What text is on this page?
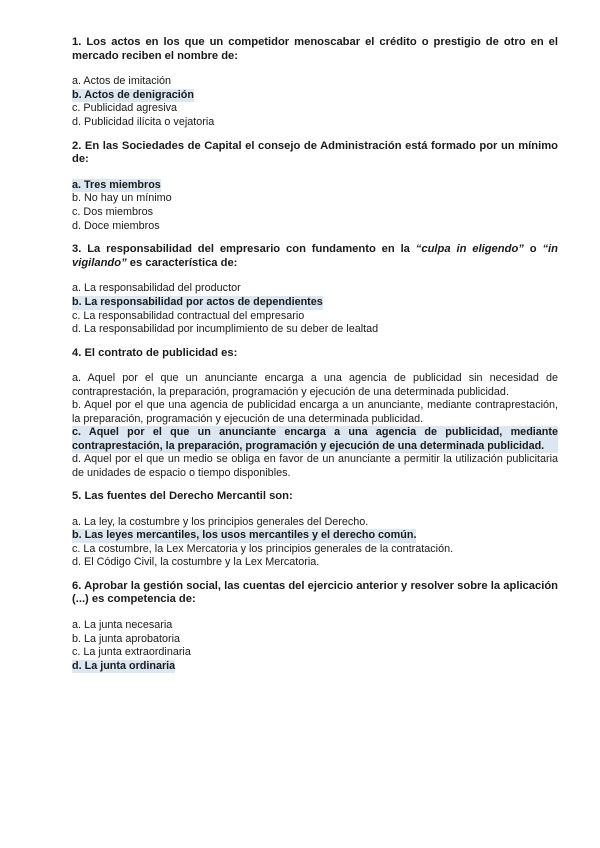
1. Los actos en los que un competidor menoscabar el crédito o prestigio de otro en el mercado reciben el nombre de:

a. Actos de imitación

b. Actos de denigración

c. Publicidad agresiva

d. Publicidad ilícita o vejatoria

2. En las Sociedades de Capital el consejo de Administración está formado por un mínimo de:

a. Tres miembros

b. No hay un mínimo

c. Dos miembros

d. Doce miembros

3. La responsabilidad del empresario con fundamento en la “culpa in eligendo” o “in vigilando” es característica de:

a. La responsabilidad del productor

b. La responsabilidad por actos de dependientes

c. La responsabilidad contractual del empresario

d. La responsabilidad por incumplimiento de su deber de lealtad

4. El contrato de publicidad es:

a. Aquel por el que un anunciante encarga a una agencia de publicidad sin necesidad de contraprestación, la preparación, programación y ejecución de una determinada publicidad.

b. Aquel por el que una agencia de publicidad encarga a un anunciante, mediante contraprestación, la preparación, programación y ejecución de una determinada publicidad.

c. Aquel por el que un anunciante encarga a una agencia de publicidad, mediante contraprestación, la preparación, programación y ejecución de una determinada publicidad.

d. Aquel por el que un medio se obliga en favor de un anunciante a permitir la utilización publicitaria de unidades de espacio o tiempo disponibles.

5. Las fuentes del Derecho Mercantil son:

a. La ley, la costumbre y los principios generales del Derecho.

b. Las leyes mercantiles, los usos mercantiles y el derecho común.

c. La costumbre, la Lex Mercatoria y los principios generales de la contratación.

d. El Código Civil, la costumbre y la Lex Mercatoria.

6. Aprobar la gestión social, las cuentas del ejercicio anterior y resolver sobre la aplicación (...) es competencia de:

a. La junta necesaria

b. La junta aprobatoria

c. La junta extraordinaria

d. La junta ordinaria
